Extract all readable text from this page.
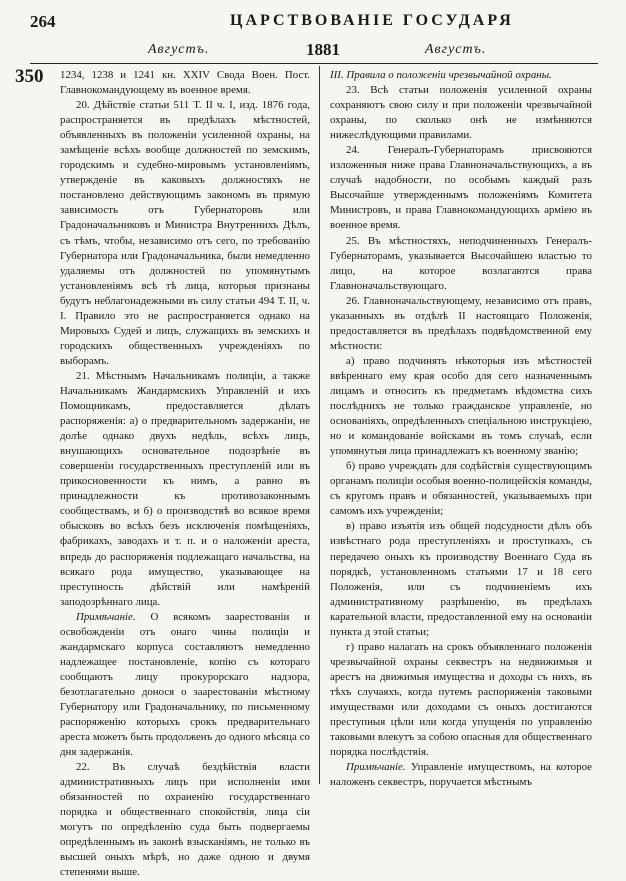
264	ЦАРСТВОВАНІЕ ГОСУДАРЯ
Августъ.	1881	Августъ.
350 1234, 1238 и 1241 кн. XXIV Свода Воен. Пост. Главнокомандующему въ военное время.

20. Дѣйствіе статьи 511 Т. II ч. I, изд. 1876 года, распространяется въ предѣлахъ мѣстностей, объявленныхъ въ положеніи усиленной охраны, на замѣщеніе всѣхъ вообще должностей по земскимъ, городскимъ и судебно-мировымъ установленіямъ, утвержденіе въ каковыхъ должностяхъ не постановлено действующимъ закономъ въ прямую зависимость отъ Губернаторовъ или Градоначальниковъ и Министра Внутреннихъ Дѣлъ, съ тѣмъ, чтобы, независимо отъ сего, по требованію Губернатора или Градоначальника, были немедленно удаляемы отъ должностей по упомянутымъ установленіямъ всѣ тѣ лица, которыя признаны будутъ неблагонадежными въ силу статьи 494 Т. II, ч. I. Правило это не распространяется однако на Мировыхъ Судей и лицъ, служащихъ въ земскихъ и городскихъ общественныхъ учрежденіяхъ по выборамъ.

21. Мѣстнымъ Начальникамъ полиціи, а также Начальникамъ Жандармскихъ Управленій и ихъ Помощникамъ, предоставляется дѣлать распоряженія: а) о предварительномъ задержаніи, не долѣе однако двухъ недѣль, всѣхъ лицъ, внушающихъ основательное подозрѣніе въ совершеніи государственныхъ преступленій или въ прикосновенности къ нимъ, а равно въ принадлежности къ противозаконнымъ сообществамъ, и б) о производствѣ во всякое время обысковъ во всѣхъ безъ исключенія помѣщеніяхъ, фабрикахъ, заводахъ и т. п. и о наложеніи ареста, впредь до распоряженія подлежащаго начальства, на всякаго рода имущество, указывающее на преступность дѣйствій или намѣреній заподозрѣннаго лица.

Примѣчаніе. О всякомъ заарестованіи и освобожденіи отъ онаго чины полиціи и жандармскаго корпуса составляютъ немедленно надлежащее постановленіе, копію съ котораго сообщаютъ лицу прокурорскаго надзора, безотлагательно донося о заарестованіи мѣстному Губернатору или Градоначальнику, по письменному распоряженію которыхъ срокъ предварительнаго ареста можетъ быть продолженъ до одного мѣсяца со дня задержанія.

22. Въ случаѣ бездѣйствія власти административныхъ лицъ при исполненіи ими обязанностей по охраненію государственнаго порядка и общественнаго спокойствія, лица сіи могутъ по опредѣленію суда быть подвергаемы опредѣленнымъ въ законѣ взысканіямъ, не только въ высшей оныхъ мѣрѣ, но даже одною и двумя степенями выше.

III. Правила о положеніи чрезвычайной охраны.

23. Всѣ статьи положенія усиленной охраны сохраняютъ свою силу и при положеніи чрезвычайной охраны, по сколько онѣ не измѣняются нижеслѣдующими правилами.

24. Генералъ-Губернаторамъ присвояются изложенныя ниже права Главноначальствующихъ, а въ случаѣ надобности, по особымъ каждый разъ Высочайше утвержденнымъ положеніямъ Комитета Министровъ, и права Главнокомандующихъ арміею въ военное время.

25. Въ мѣстностяхъ, неподчиненныхъ Генералъ-Губернаторамъ, указывается Высочайшею властью то лицо, на которое возлагаются права Главноначальствующаго.

26. Главноначальствующему, независимо отъ правъ, указанныхъ въ отдѣлѣ II настоящаго Положенія, предоставляется въ предѣлахъ подвѣдомственной ему мѣстности:

а) право подчинять нѣкоторыя изъ мѣстностей ввѣреннаго ему края особо для сего назначеннымъ лицамъ и относить къ предметамъ вѣдомства сихъ послѣднихъ не только гражданское управленіе, но основаніяхъ, опредѣленныхъ спеціальною инструкціею, но и командованіе войсками въ томъ случаѣ, если упомянутыя лица принадлежатъ къ военному званію;

б) право учреждать для содѣйствія существующимъ органамъ полиціи особыя военно-полицейскія команды, съ кругомъ правъ и обязанностей, указываемыхъ при самомъ ихъ учрежденіи;

в) право изъятія изъ общей подсудности дѣлъ объ извѣстнаго рода преступленіяхъ и проступкахъ, съ передачею оныхъ къ производству Военнаго Суда въ порядкѣ, установленномъ статьями 17 и 18 сего Положенія, или съ подчиненіемъ ихъ административному разрѣшенію, въ предѣлахъ карательной власти, предоставленной ему на основаніи пункта д этой статьи;

г) право налагать на срокъ объявленнаго положенія чрезвычайной охраны секвестръ на недвижимыя и арестъ на движимыя имущества и доходы съ нихъ, въ тѣхъ случаяхъ, когда путемъ распоряженія таковыми имуществами или доходами съ оныхъ достигаются преступныя цѣли или когда упущенія по управленію таковыми влекутъ за собою опасныя для общественнаго порядка послѣдствія.

Примѣчаніе. Управленіе имуществомъ, на которое наложенъ секвестръ, поручается мѣстнымъ
